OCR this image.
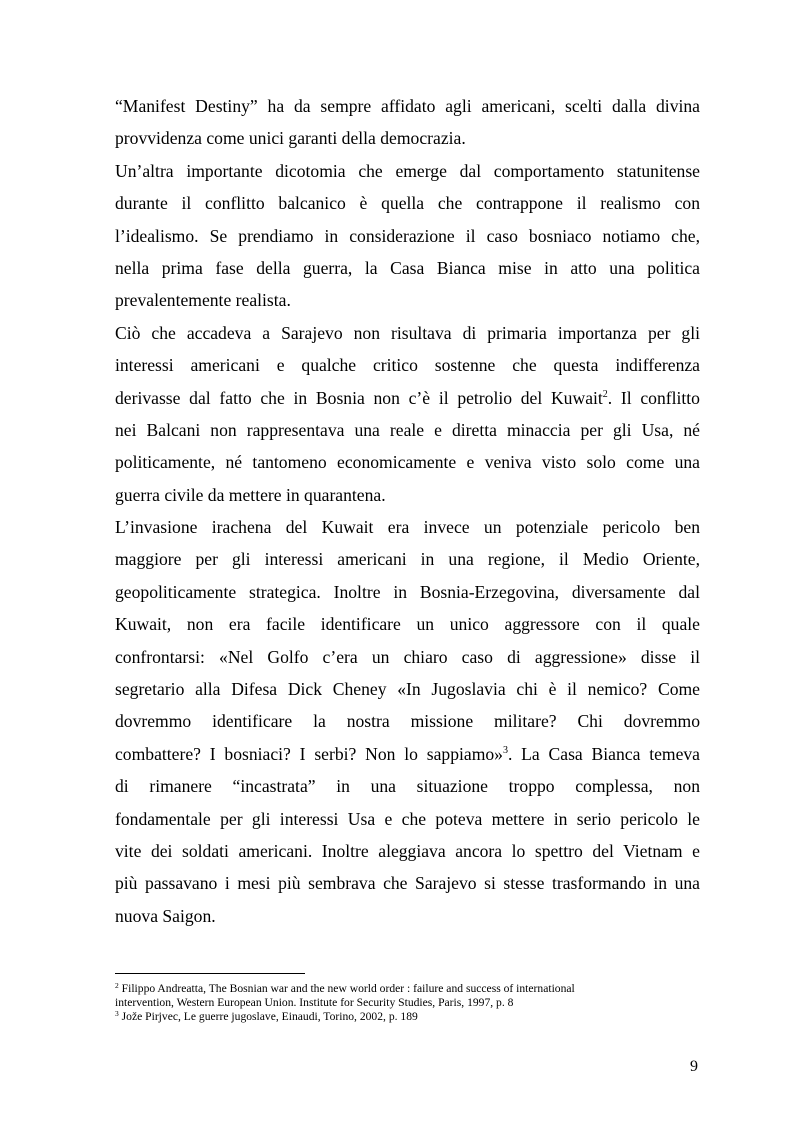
“Manifest Destiny” ha da sempre affidato agli americani, scelti dalla divina
provvidenza come unici garanti della democrazia.
Un’altra importante dicotomia che emerge dal comportamento statunitense
durante il conflitto balcanico è quella che contrappone il realismo con
l’idealismo. Se prendiamo in considerazione il caso bosniaco notiamo che,
nella prima fase della guerra, la Casa Bianca mise in atto una politica
prevalentemente realista.
Ciò che accadeva a Sarajevo non risultava di primaria importanza per gli
interessi americani e qualche critico sostenne che questa indifferenza
derivasse dal fatto che in Bosnia non c’è il petrolio del Kuwait$^2$. Il conflitto
nei Balcani non rappresentava una reale e diretta minaccia per gli Usa, né
politicamente, né tantomeno economicamente e veniva visto solo come una
guerra civile da mettere in quarantena.
L’invasione irachena del Kuwait era invece un potenziale pericolo ben
maggiore per gli interessi americani in una regione, il Medio Oriente,
geopoliticamente strategica. Inoltre in Bosnia-Erzegovina, diversamente dal
Kuwait, non era facile identificare un unico aggressore con il quale
confrontarsi: «Nel Golfo c’era un chiaro caso di aggressione» disse il
segretario alla Difesa Dick Cheney «In Jugoslavia chi è il nemico? Come
dovremmo identificare la nostra missione militare? Chi dovremmo
combattere? I bosniaci? I serbi? Non lo sappiamo»$^3$. La Casa Bianca temeva
di rimanere “incastrata” in una situazione troppo complessa, non
fondamentale per gli interessi Usa e che poteva mettere in serio pericolo le
vite dei soldati americani. Inoltre aleggiava ancora lo spettro del Vietnam e
più passavano i mesi più sembrava che Sarajevo si stesse trasformando in una
nuova Saigon.
$^2$ Filippo Andreatta, The Bosnian war and the new world order : failure and success of international
intervention, Western European Union. Institute for Security Studies, Paris, 1997, p. 8
$^3$ Jože Pirjvec, Le guerre jugoslave, Einaudi, Torino, 2002, p. 189
9
